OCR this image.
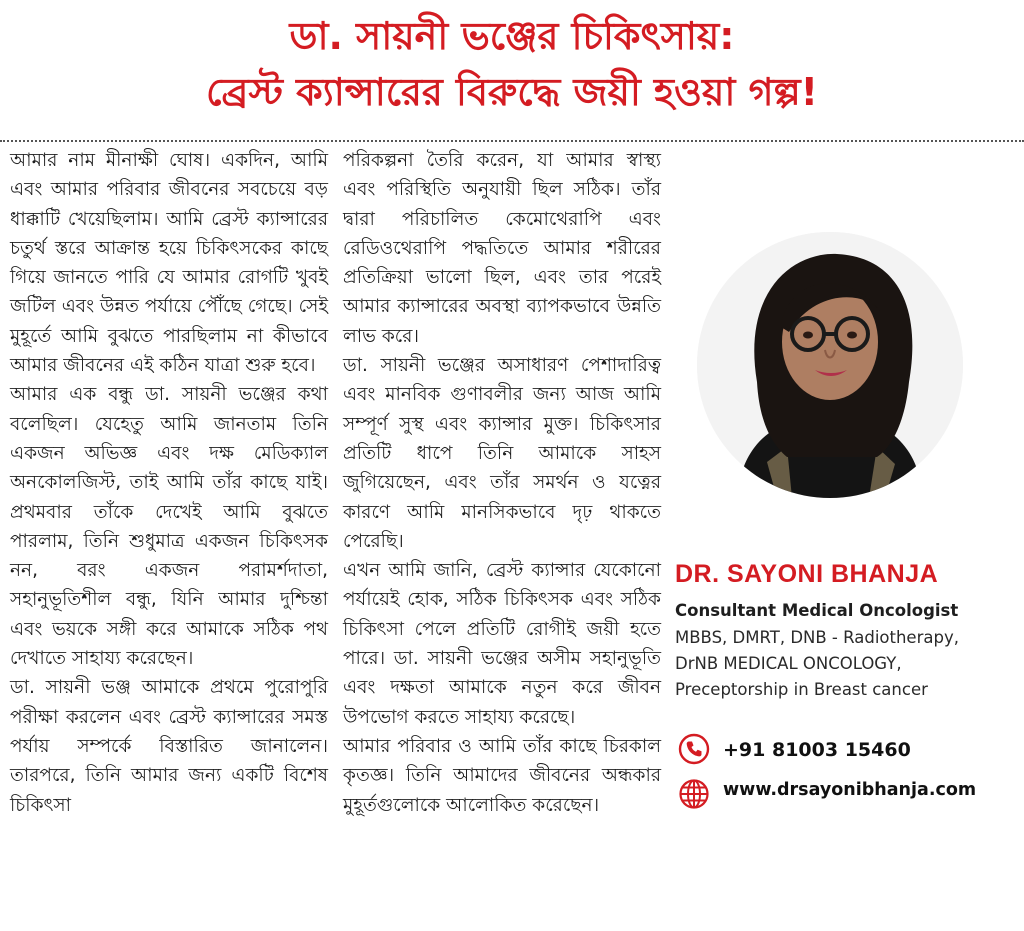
ডা. সায়নী ভঞ্জের চিকিৎসায়:
ব্রেস্ট ক্যান্সারের বিরুদ্ধে জয়ী হওয়া গল্প!

আমার নাম মীনাক্ষী ঘোষ। একদিন, আমি এবং আমার পরিবার জীবনের সবচেয়ে বড় ধাক্কাটি খেয়েছিলাম। আমি ব্রেস্ট ক্যান্সারের চতুর্থ স্তরে আক্রান্ত হয়ে চিকিৎসকের কাছে গিয়ে জানতে পারি যে আমার রোগটি খুবই জটিল এবং উন্নত পর্যায়ে পৌঁছে গেছে। সেই মুহূর্তে আমি বুঝতে পারছিলাম না কীভাবে আমার জীবনের এই কঠিন যাত্রা শুরু হবে।

আমার এক বন্ধু ডা. সায়নী ভঞ্জের কথা বলেছিল। যেহেতু আমি জানতাম তিনি একজন অভিজ্ঞ এবং দক্ষ মেডিক্যাল অনকোলজিস্ট, তাই আমি তাঁর কাছে যাই। প্রথমবার তাঁকে দেখেই আমি বুঝতে পারলাম, তিনি শুধুমাত্র একজন চিকিৎসক নন, বরং একজন পরামর্শদাতা, সহানুভূতিশীল বন্ধু, যিনি আমার দুশ্চিন্তা এবং ভয়কে সঙ্গী করে আমাকে সঠিক পথ দেখাতে সাহায্য করেছেন।

ডা. সায়নী ভঞ্জ আমাকে প্রথমে পুরোপুরি পরীক্ষা করলেন এবং ব্রেস্ট ক্যান্সারের সমস্ত পর্যায় সম্পর্কে বিস্তারিত জানালেন। তারপরে, তিনি আমার জন্য একটি বিশেষ চিকিৎসা

পরিকল্পনা তৈরি করেন, যা আমার স্বাস্থ্য এবং পরিস্থিতি অনুযায়ী ছিল সঠিক। তাঁর দ্বারা পরিচালিত কেমোথেরাপি এবং রেডিওথেরাপি পদ্ধতিতে আমার শরীরের প্রতিক্রিয়া ভালো ছিল, এবং তার পরেই আমার ক্যান্সারের অবস্থা ব্যাপকভাবে উন্নতি লাভ করে।

ডা. সায়নী ভঞ্জের অসাধারণ পেশাদারিত্ব এবং মানবিক গুণাবলীর জন্য আজ আমি সম্পূর্ণ সুস্থ এবং ক্যান্সার মুক্ত। চিকিৎসার প্রতিটি ধাপে তিনি আমাকে সাহস জুগিয়েছেন, এবং তাঁর সমর্থন ও যত্নের কারণে আমি মানসিকভাবে দৃঢ় থাকতে পেরেছি।

এখন আমি জানি, ব্রেস্ট ক্যান্সার যেকোনো পর্যায়েই হোক, সঠিক চিকিৎসক এবং সঠিক চিকিৎসা পেলে প্রতিটি রোগীই জয়ী হতে পারে। ডা. সায়নী ভঞ্জের অসীম সহানুভূতি এবং দক্ষতা আমাকে নতুন করে জীবন উপভোগ করতে সাহায্য করেছে।

আমার পরিবার ও আমি তাঁর কাছে চিরকাল কৃতজ্ঞ। তিনি আমাদের জীবনের অন্ধকার মুহূর্তগুলোকে আলোকিত করেছেন।

DR. SAYONI BHANJA
Consultant Medical Oncologist
MBBS, DMRT, DNB - Radiotherapy,
DrNB MEDICAL ONCOLOGY,
Preceptorship in Breast cancer
+91 81003 15460
www.drsayonibhanja.com
